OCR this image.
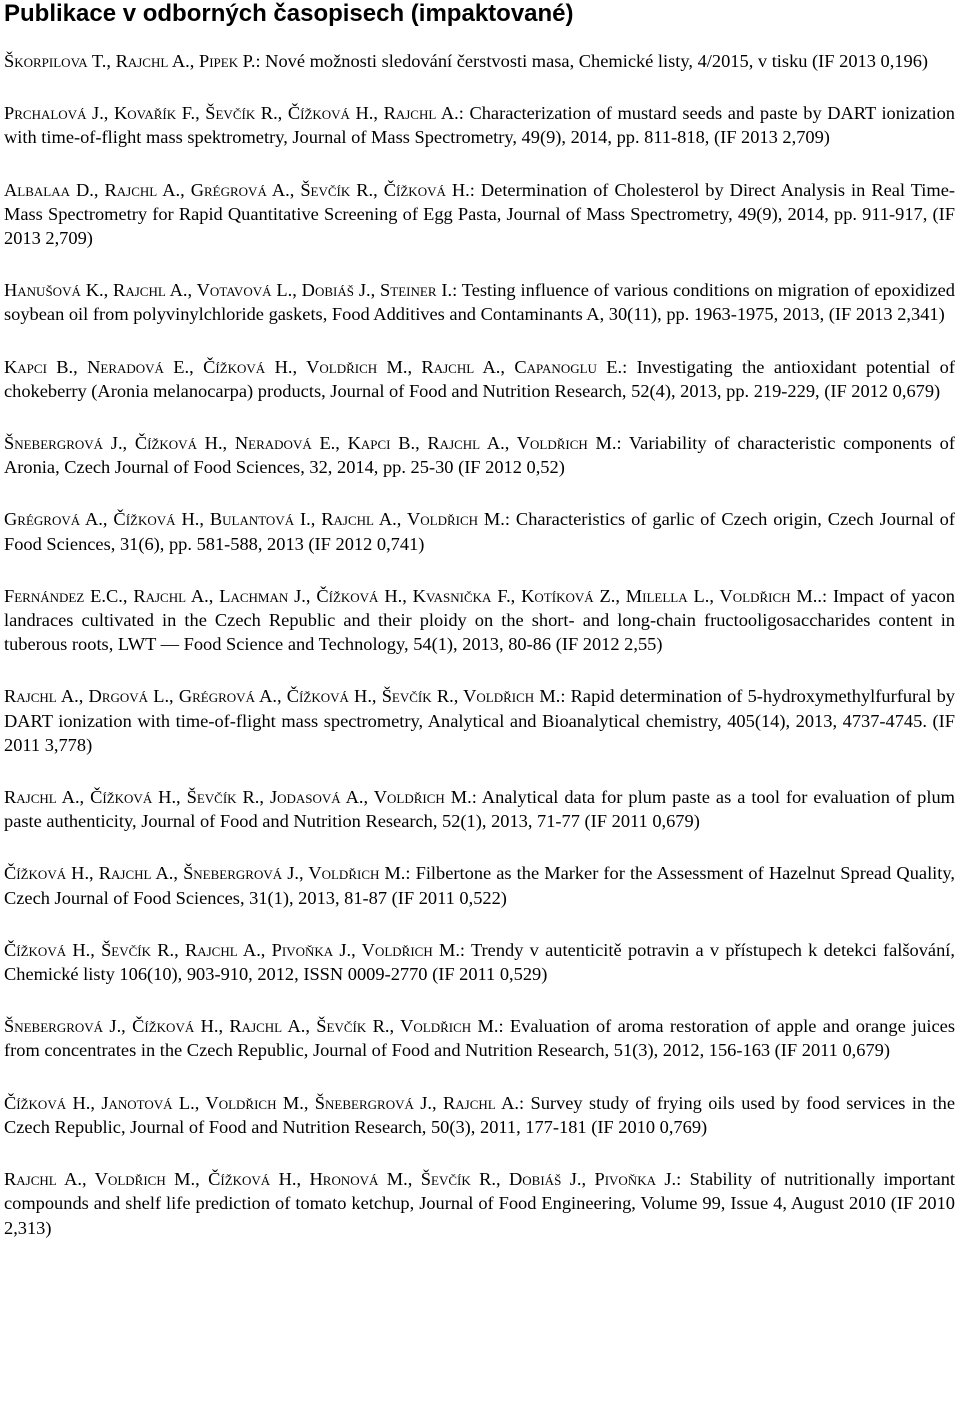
Publikace v odborných časopisech (impaktované)

Škorpilova T., Rajchl A., Pipek P.: Nové možnosti sledování čerstvosti masa, Chemické listy, 4/2015, v tisku (IF 2013 0,196)

Prchalová J., Kovařík F., Ševčík R., Čížková H., Rajchl A.: Characterization of mustard seeds and paste by DART ionization with time-of-flight mass spektrometry, Journal of Mass Spectrometry, 49(9), 2014, pp. 811-818, (IF 2013 2,709)

Albalaa D., Rajchl A., Grégrová A., Ševčík R., Čížková H.: Determination of Cholesterol by Direct Analysis in Real Time-Mass Spectrometry for Rapid Quantitative Screening of Egg Pasta, Journal of Mass Spectrometry, 49(9), 2014, pp. 911-917, (IF 2013 2,709)

Hanušová K., Rajchl A., Votavová L., Dobiáš J., Steiner I.: Testing influence of various conditions on migration of epoxidized soybean oil from polyvinylchloride gaskets, Food Additives and Contaminants A, 30(11), pp. 1963-1975, 2013, (IF 2013 2,341)

Kapci B., Neradová E., Čížková H., Voldřich M., Rajchl A., Capanoglu E.: Investigating the antioxidant potential of chokeberry (Aronia melanocarpa) products, Journal of Food and Nutrition Research, 52(4), 2013, pp. 219-229, (IF 2012 0,679)

Šnebergrová J., Čížková H., Neradová E., Kapci B., Rajchl A., Voldřich M.: Variability of characteristic components of Aronia, Czech Journal of Food Sciences, 32, 2014, pp. 25-30 (IF 2012 0,52)

Grégrová A., Čížková H., Bulantová I., Rajchl A., Voldřich M.: Characteristics of garlic of Czech origin, Czech Journal of Food Sciences, 31(6), pp. 581-588, 2013 (IF 2012 0,741)

Fernández E.C., Rajchl A., Lachman J., Čížková H., Kvasnička F., Kotíková Z., Milella L., Voldřich M..: Impact of yacon landraces cultivated in the Czech Republic and their ploidy on the short- and long-chain fructooligosaccharides content in tuberous roots, LWT ― Food Science and Technology, 54(1), 2013, 80-86 (IF 2012 2,55)

Rajchl A., Drgová L., Grégrová A., Čížková H., Ševčík R., Voldřich M.: Rapid determination of 5-hydroxymethylfurfural by DART ionization with time-of-flight mass spectrometry, Analytical and Bioanalytical chemistry, 405(14), 2013, 4737-4745. (IF 2011 3,778)

Rajchl A., Čížková H., Ševčík R., Jodasová A., Voldřich M.: Analytical data for plum paste as a tool for evaluation of plum paste authenticity, Journal of Food and Nutrition Research, 52(1), 2013, 71-77 (IF 2011 0,679)

Čížková H., Rajchl A., Šnebergrová J., Voldřich M.: Filbertone as the Marker for the Assessment of Hazelnut Spread Quality, Czech Journal of Food Sciences, 31(1), 2013, 81-87 (IF 2011 0,522)

Čížková H., Ševčík R., Rajchl A., Pivoňka J., Voldřich M.: Trendy v autenticitě potravin a v přístupech k detekci falšování, Chemické listy 106(10), 903-910, 2012, ISSN 0009-2770 (IF 2011 0,529)

Šnebergrová J., Čížková H., Rajchl A., Ševčík R., Voldřich M.: Evaluation of aroma restoration of apple and orange juices from concentrates in the Czech Republic, Journal of Food and Nutrition Research, 51(3), 2012, 156-163 (IF 2011 0,679)

Čížková H., Janotová L., Voldřich M., Šnebergrová J., Rajchl A.: Survey study of frying oils used by food services in the Czech Republic, Journal of Food and Nutrition Research, 50(3), 2011, 177-181 (IF 2010 0,769)

Rajchl A., Voldřich M., Čížková H., Hronová M., Ševčík R., Dobiáš J., Pivoňka J.: Stability of nutritionally important compounds and shelf life prediction of tomato ketchup, Journal of Food Engineering, Volume 99, Issue 4, August 2010 (IF 2010 2,313)
